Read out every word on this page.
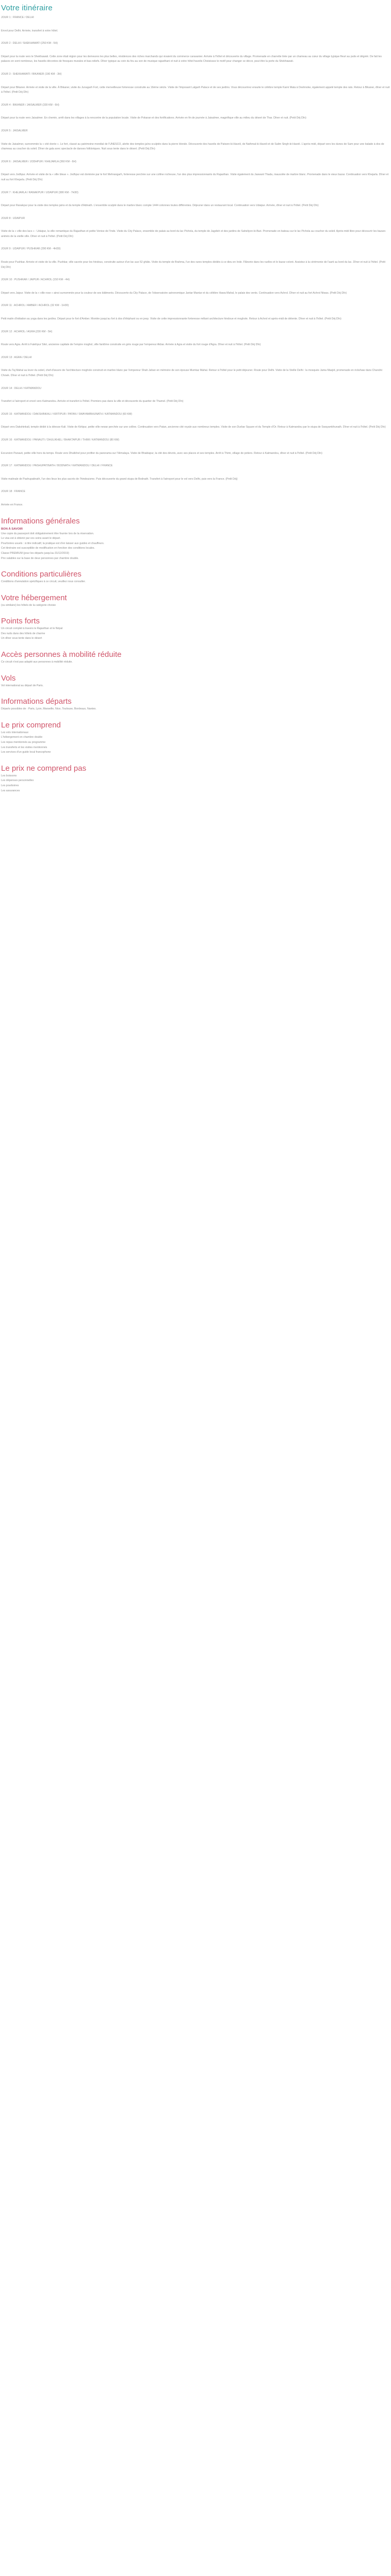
Votre itinéraire

JOUR 1 : FRANCE / DELHI

Envol pour Delhi. Arrivée, transfert à votre hôtel.

JOUR 2 : DELHI / SHEKHAWATI (250 KM - 5H)

Départ pour la route vers le Shekhawati. Cette zone était région pour les demeures les plus belles, résidences des riches marchands qui vivaient du commerce caravanier. Arrivée à l'hôtel et découverte du village. Promenade en charrette tirée par un chameau au cœur du village typique fleuri au puits et dégréé. De fait les palaces en sont nombreux, les havelis décorées de fresques murales et bas-reliefs. Dîner typique au coin du feu au son de musique rajasthani et nuit à votre hôtel havelis Choisissez le motif pour changer ce décor, peut être la porte du Shekhawati.

JOUR 3 : SHEKHAWATI / BIKANER (190 KM - 3H)

Départ pour Bikaner. Arrivée et visite de la ville. À Bikaner, visite du Junagarh Fort, cette merveilleuse forteresse construite au 16ème siècle. Visite de l'imposant Lalgarh Palace et de ses jardins. Vous découvrirez ensuite le célèbre temple Karni Mata à Deshnoke, également appelé temple des rats. Retour à Bikaner, dîner et nuit à l'hôtel. (Petit Déj Dîn)

JOUR 4 : BIKANER / JAISALMER (330 KM - 6H)

Départ pour la route vers Jaisalmer. En chemin, arrêt dans les villages à la rencontre de la population locale. Visite de Pokaran et des fortifications. Arrivée en fin de journée à Jaisalmer, magnifique ville au milieu du désert de Thar. Dîner et nuit. (Petit Déj Dîn)

JOUR 5 : JAISALMER

Visite de Jaisalmer, surnommée la « cité dorée ». Le fort, classé au patrimoine mondial de l'UNESCO, abrite des temples jaïns sculptés dans la pierre blonde. Découverte des havelis de Patwon-ki-Haveli, de Nathmal-ki-Haveli et de Salim Singh-ki-Haveli. L'après-midi, départ vers les dunes de Sam pour une balade à dos de chameau au coucher du soleil. Dîner de gala avec spectacle de danses folkloriques. Nuit sous tente dans le désert. (Petit Déj Dîn)

JOUR 6 : JAISALMER / JODHPUR / KHEJARLA (360 KM - 6H)

Départ vers Jodhpur. Arrivée et visite de la « ville bleue ». Jodhpur est dominée par le fort Mehrangarh, forteresse perchée sur une colline rocheuse, l'un des plus impressionnants du Rajasthan. Visite également du Jaswant Thada, mausolée de marbre blanc. Promenade dans le vieux bazar. Continuation vers Khejarla. Dîner et nuit au fort Khejarla. (Petit Déj Dîn)

JOUR 7 : KHEJARLA / RANAKPUR / UDAIPUR (380 KM - 7H30)

Départ pour Ranakpur pour la visite des temples jaïns et du temple d'Adinath. L'ensemble sculpté dans le marbre blanc compte 1444 colonnes toutes différentes. Déjeuner dans un restaurant local. Continuation vers Udaipur. Arrivée, dîner et nuit à l'hôtel. (Petit Déj Dîn)

JOUR 8 : UDAIPUR

Visite de la « ville des lacs » : Udaipur, la ville romantique du Rajasthan et petite Venise de l'Inde. Visite du City Palace, ensemble de palais au bord du lac Pichola, du temple de Jagdish et des jardins de Saheliyon-ki-Bari. Promenade en bateau sur le lac Pichola au coucher du soleil. Après-midi libre pour découvrir les bazars animés de la vieille ville. Dîner et nuit à l'hôtel. (Petit Déj Dîn)

JOUR 9 : UDAIPUR / PUSHKAR (290 KM - 4H30)

Route pour Pushkar. Arrivée et visite de la ville. Pushkar, ville sacrée pour les hindous, construite autour d'un lac aux 52 ghâts. Visite du temple de Brahma, l'un des rares temples dédiés à ce dieu en Inde. Flânerie dans les ruelles et le bazar coloré. Assistez à la cérémonie de l'aarti au bord du lac. Dîner et nuit à l'hôtel. (Petit Déj Dîn)

JOUR 10 : PUSHKAR / JAIPUR / ACHROL (150 KM - 4H)

Départ vers Jaipur. Visite de la « ville rose » ainsi surnommée pour la couleur de ses bâtiments. Découverte du City Palace, de l'observatoire astronomique Jantar Mantar et du célèbre Hawa Mahal, le palais des vents. Continuation vers Achrol. Dîner et nuit au fort Achrol Niwas. (Petit Déj Dîn)

JOUR 11 : ACHROL / AMBER / ACHROL (32 KM - 1H30)

Petit matin d'initiation au yoga dans les jardins. Départ pour le fort d'Amber. Montée jusqu'au fort à dos d'éléphant ou en jeep. Visite de cette impressionnante forteresse mêlant architecture hindoue et moghole. Retour à Achrol et après-midi de détente. Dîner et nuit à l'hôtel. (Petit Déj Dîn)

JOUR 12 : ACHROL / AGRA (230 KM - 5H)

Route vers Agra. Arrêt à Fatehpur Sikri, ancienne capitale de l'empire moghol, ville fantôme construite en grès rouge par l'empereur Akbar. Arrivée à Agra et visite du fort rouge d'Agra. Dîner et nuit à l'hôtel. (Petit Déj Dîn)

JOUR 13 : AGRA / DELHI

Visite du Taj Mahal au lever du soleil, chef-d'œuvre de l'architecture moghole construit en marbre blanc par l'empereur Shah Jahan en mémoire de son épouse Mumtaz Mahal. Retour à l'hôtel pour le petit déjeuner. Route pour Delhi. Visite de la Vieille Delhi : la mosquée Jama Masjid, promenade en rickshaw dans Chandni Chowk. Dîner et nuit à l'hôtel. (Petit Déj Dîn)

JOUR 14 : DELHI / KATMANDOU

Transfert à l'aéroport et envol vers Katmandou. Arrivée et transfert à l'hôtel. Premiers pas dans la ville et découverte du quartier de Thamel. (Petit Déj Dîn)

JOUR 15 : KATMANDOU / DAKSHINKALI / KIRTIPUR / PATAN / SWAYAMBHUNATH / KATMANDOU (60 KM)

Départ vers Dakshinkali, temple dédié à la déesse Kali. Visite de Kirtipur, petite ville newar perchée sur une colline. Continuation vers Patan, ancienne cité royale aux nombreux temples. Visite de son Durbar Square et du Temple d'Or. Retour à Katmandou par le stupa de Swayambhunath. Dîner et nuit à l'hôtel. (Petit Déj Dîn)

JOUR 16 : KATMANDOU / PANAUTI / DHULIKHEL / BHAKTAPUR / THIMI / KATMANDOU (80 KM)

Excursion Panauti, petite ville hors du temps. Route vers Dhulikhel pour profiter du panorama sur l'Himalaya. Visite de Bhaktapur, la cité des dévots, avec ses places et ses temples. Arrêt à Thimi, village de potiers. Retour à Katmandou, dîner et nuit à l'hôtel. (Petit Déj Dîn)

JOUR 17 : KATMANDOU / PASHUPATINATH / BODNATH / KATMANDOU / DELHI / FRANCE

Visite matinale de Pashupatinath, l'un des lieux les plus sacrés de l'hindouisme. Puis découverte du grand stupa de Bodnath. Transfert à l'aéroport pour le vol vers Delhi, puis vers la France. (Petit Déj)

JOUR 18 : FRANCE

Arrivée en France.

Informations générales

BON À SAVOIR

Une copie du passeport doit obligatoirement être fournie lors de la réservation.

Le visa est à obtenir par vos soins avant le départ.

Pourboires usuels : à titre indicatif, la pratique est d'en laisser aux guides et chauffeurs.

Cet itinéraire est susceptible de modification en fonction des conditions locales.

Classe PREMIUM (pour les départs jusqu'au 31/12/2019)

Prix valables sur la base de deux personnes par chambre double.

Conditions particulières

Conditions d'annulation spécifiques à ce circuit, veuillez nous consulter.

Votre hébergement

(ou similaire) les hôtels de la catégorie choisie

Points forts

Un circuit complet à travers le Rajasthan et le Népal

Des nuits dans des hôtels de charme

Un dîner sous tente dans le désert

Accès personnes à mobilité réduite

Ce circuit n'est pas adapté aux personnes à mobilité réduite.

Vols

Vol international au départ de Paris.

Informations départs

Départs possibles de : Paris, Lyon, Marseille, Nice, Toulouse, Bordeaux, Nantes.

Le prix comprend

Les vols internationaux

L'hébergement en chambre double

Les repas mentionnés au programme

Les transferts et les visites mentionnés

Les services d'un guide local francophone

Le prix ne comprend pas

Les boissons

Les dépenses personnelles

Les pourboires

Les assurances
